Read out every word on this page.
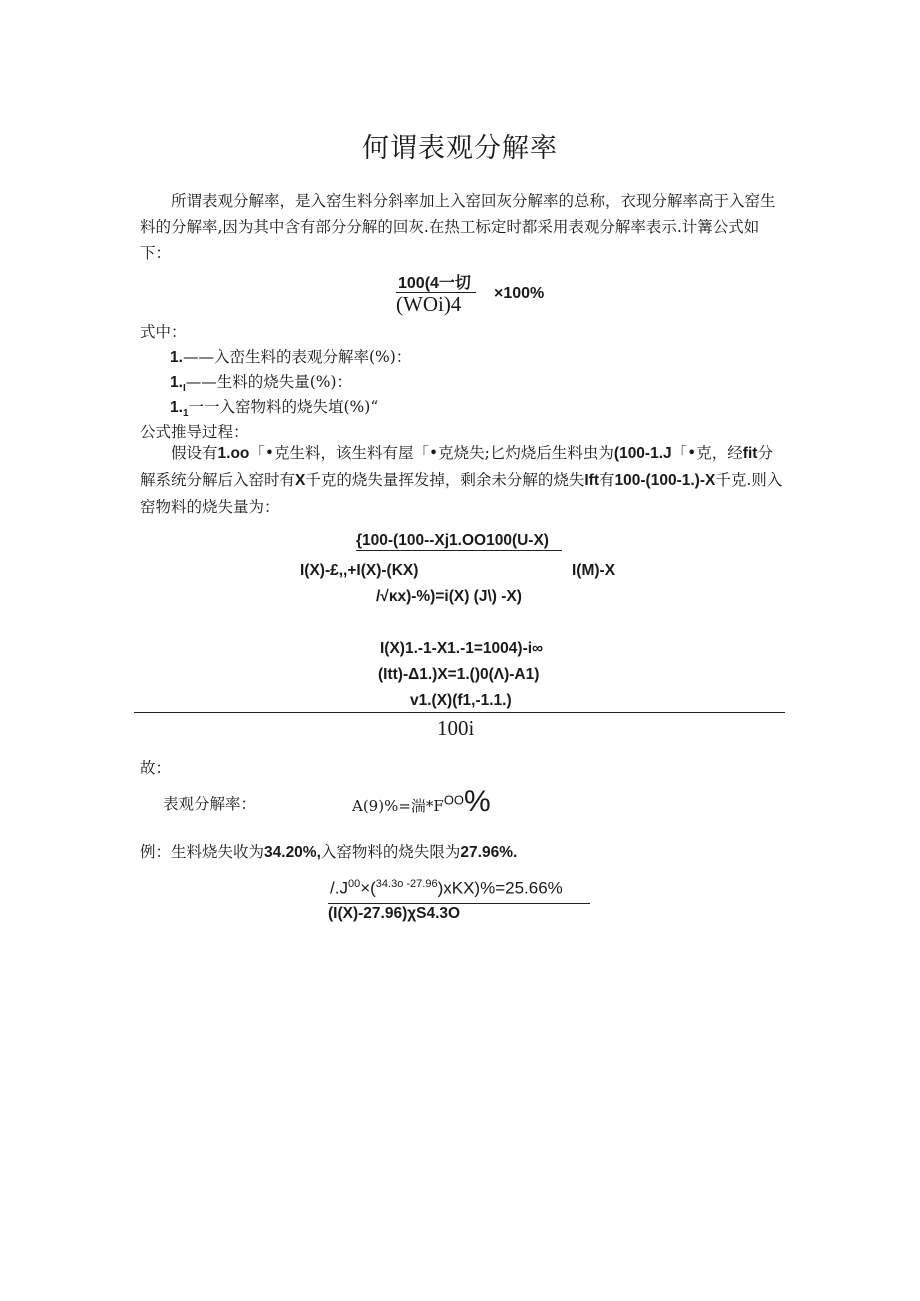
何谓表观分解率
所谓表观分解率，是入窑生料分斜率加上入窑回灰分解率的总称，衣现分解率高于入窑生料的分解率,因为其中含有部分分解的回灰.在热工标定时都采用表观分解率表示.计篝公式如下：
100(4一切
(WOi)4 ×100%
式中：
1.——入峦生料的表观分解率(%)：
$1._I——$生料的烧失量(%)：
$1._1$一一入窑物料的烧失埴(%)“
公式推导过程：
假设有1.oo「•克生料，该生料有屋「•克烧失;匕灼烧后生料虫为(100-1.J「•克，经fit分解系统分解后入窑时有X千克的烧失量挥发掉，剩余未分解的烧失Ift有100-(100-1.)-X千克.则入窑物料的烧失量为：
{100-(100--Xj1.OO100(U-X)
I(X)-£,,+I(X)-(KX)	I(M)-X
/√κx)-%)=i(X) (J\) -X)
I(X)1.-1-X1.-1=1004)-i∞
(Itt)-Δ1.)X=1.()0(Λ)-A1)
v1.(X)(f1,-1.1.)
100i
故：
表观分解率：	A(9)%=湍$*F^{OO}\%$
例：生料烧失收为34.20%,入窑物料的烧失限为27.96%.
$/.J^{00}\times(^{34.3o -27.96})xKX)\%=25.66\%$
(I(X)-27.96)χS4.3O
